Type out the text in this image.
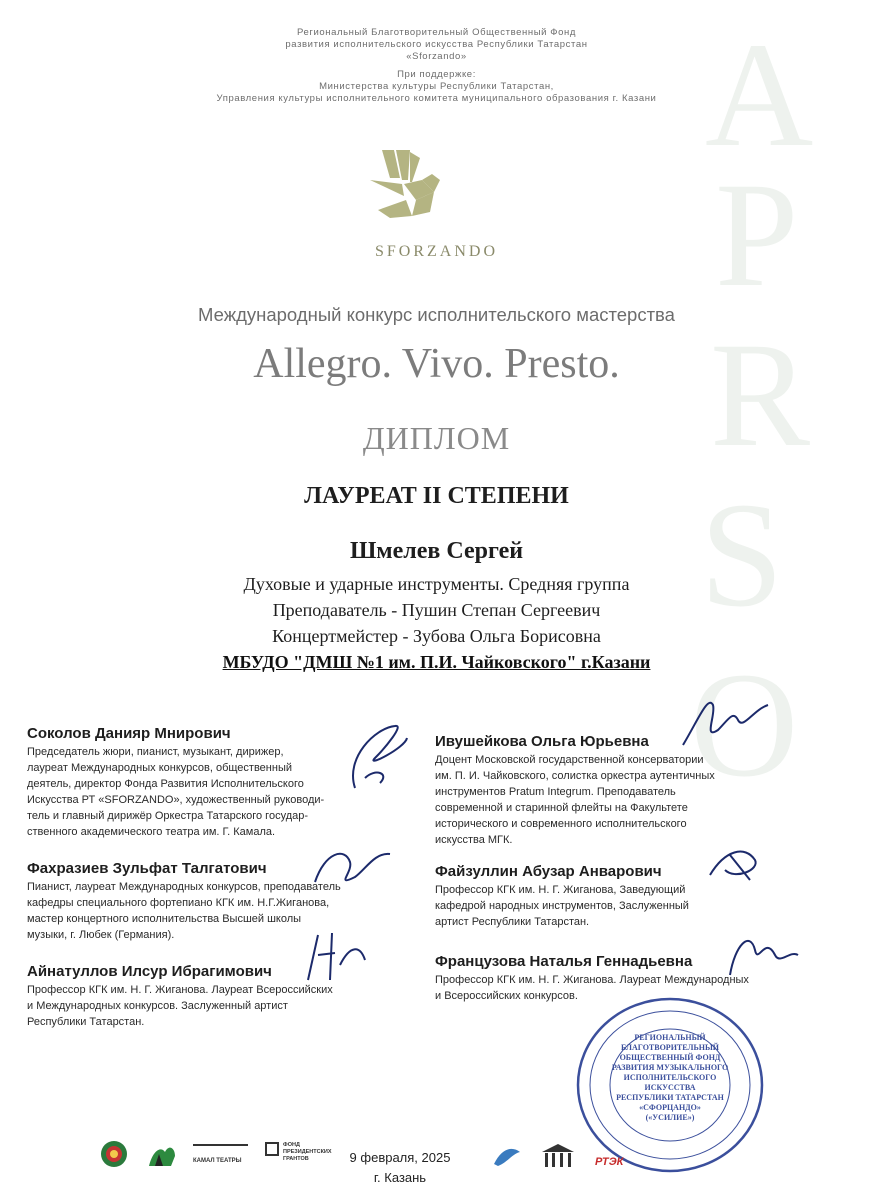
A
P
R
S
O
Региональный Благотворительный Общественный Фонд
развития исполнительского искусства Республики Татарстан
«Sforzando»
При поддержке:
Министерства культуры Республики Татарстан,
Управления культуры исполнительного комитета муниципального образования г. Казани
SFORZANDO
Международный конкурс исполнительского мастерства
Allegro. Vivo. Presto.
ДИПЛОМ
ЛАУРЕАТ II СТЕПЕНИ
Шмелев Сергей
Духовые и ударные инструменты. Средняя группа
Преподаватель - Пушин Степан Сергеевич
Концертмейстер - Зубова Ольга Борисовна
МБУДО "ДМШ №1 им. П.И. Чайковского" г.Казани
Соколов Данияр Мнирович
Председатель жюри, пианист, музыкант, дирижер,
лауреат Международных конкурсов, общественный
деятель, директор Фонда Развития Исполнительского
Искусства РТ «SFORZANDO», художественный руководи-
тель и главный дирижёр Оркестра Татарского государ-
ственного академического театра им. Г. Камала.
Фахразиев Зульфат Талгатович
Пианист, лауреат Международных конкурсов, преподаватель
кафедры специального фортепиано КГК им. Н.Г.Жиганова,
мастер концертного исполнительства Высшей школы
музыки, г. Любек (Германия).
Айнатуллов Илсур Ибрагимович
Профессор КГК им. Н. Г. Жиганова. Лауреат Всероссийских
и Международных конкурсов. Заслуженный артист
Республики Татарстан.
Ивушейкова Ольга Юрьевна
Доцент Московской государственной консерватории
им. П. И. Чайковского, солистка оркестра аутентичных
инструментов Pratum Integrum. Преподаватель
современной и старинной флейты на Факультете
исторического и современного исполнительского
искусства МГК.
Файзуллин Абузар Анварович
Профессор КГК им. Н. Г. Жиганова, Заведующий
кафедрой народных инструментов, Заслуженный
артист Республики Татарстан.
Французова Наталья Геннадьевна
Профессор КГК им. Н. Г. Жиганова. Лауреат Международных
и Всероссийских конкурсов.
РЕГИОНАЛЬНЫЙ
БЛАГОТВОРИТЕЛЬНЫЙ
ОБЩЕСТВЕННЫЙ ФОНД
РАЗВИТИЯ МУЗЫКАЛЬНОГО
ИСПОЛНИТЕЛЬСКОГО
ИСКУССТВА
РЕСПУБЛИКИ ТАТАРСТАН
«СФОРЦАНДО»
(«УСИЛИЕ»)
КАМАЛ ТЕАТРЫ
ФОНД
ПРЕЗИДЕНТСКИХ
ГРАНТОВ	9 февраля, 2025
г. Казань
РТЭК
